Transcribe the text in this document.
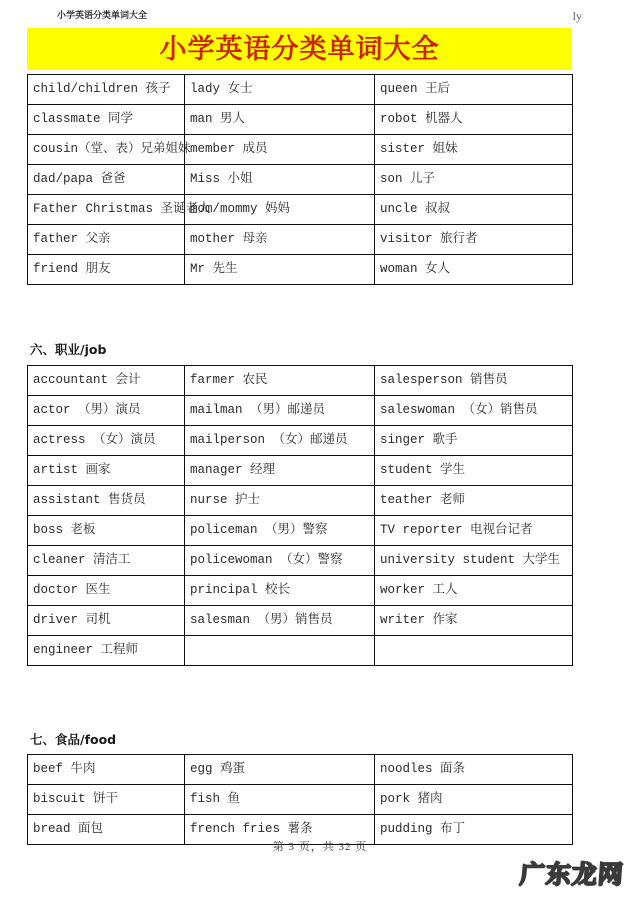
小学英语分类单词大全	ly
小学英语分类单词大全
child/children 孩子	lady 女士	queen 王后
classmate 同学	man 男人	robot 机器人
cousin（堂、表）兄弟姐妹	member 成员	sister 姐妹
dad/papa 爸爸	Miss 小姐	son 儿子
Father Christmas 圣诞老人	mom/mommy 妈妈	uncle 叔叔
father 父亲	mother 母亲	visitor 旅行者
friend 朋友	Mr 先生	woman 女人
六、职业/job
accountant 会计	farmer 农民	salesperson 销售员
actor （男）演员	mailman （男）邮递员	saleswoman （女）销售员
actress （女）演员	mailperson （女）邮递员	singer 歌手
artist 画家	manager 经理	student 学生
assistant 售货员	nurse 护士	teather 老师
boss 老板	policeman （男）警察	TV reporter 电视台记者
cleaner 清洁工	policewoman （女）警察	university student 大学生
doctor 医生	principal 校长	worker 工人
driver 司机	salesman （男）销售员	writer 作家
engineer 工程师		
七、食品/food
beef 牛肉	egg 鸡蛋	noodles 面条
biscuit 饼干	fish 鱼	pork 猪肉
bread 面包	french fries 薯条	pudding 布丁
第 3 页，共 32 页
广东龙网
